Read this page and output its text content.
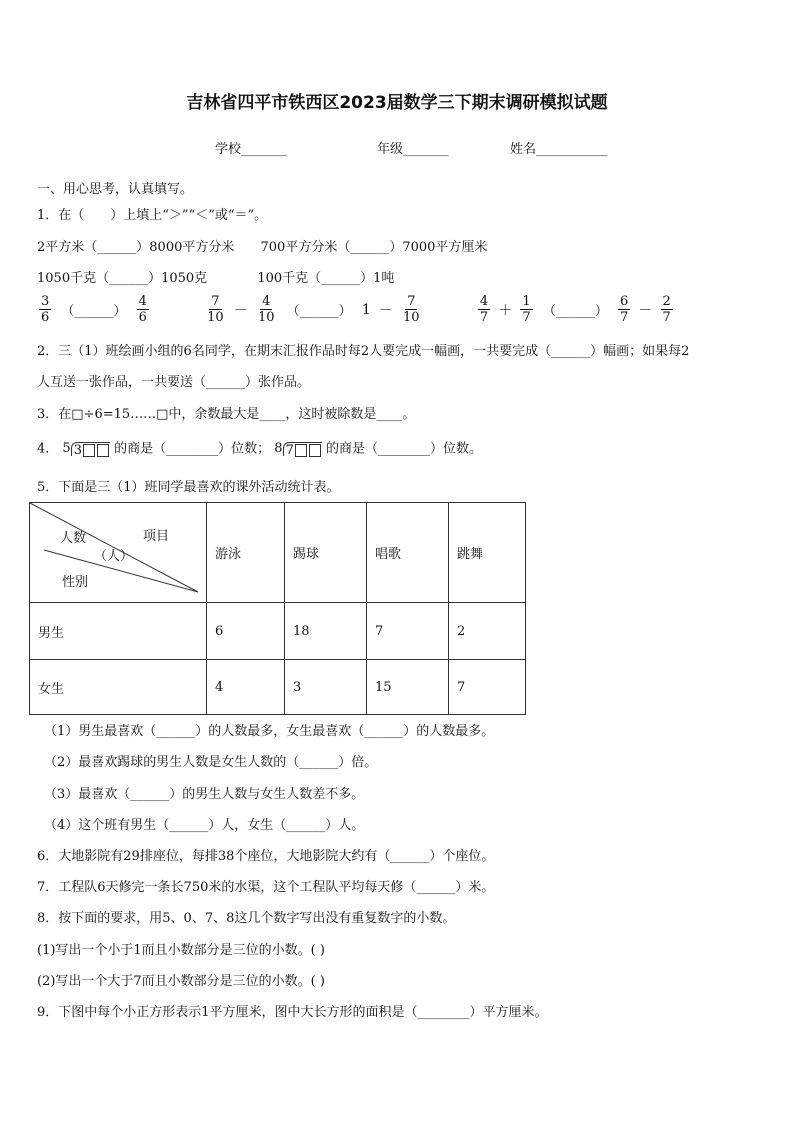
吉林省四平市铁西区2023届数学三下期末调研模拟试题
学校_______	年级_______	姓名___________
一、用心思考，认真填写。
1．在（　　）上填上“＞”“＜”或“＝”。
2平方米（______）8000平方分米 700平方分米（______）7000平方厘米
1050千克（______）1050克	100千克（______）1吨
$\frac{3}{6}$ （______） $\frac{4}{6}$
	$\frac{7}{10} - \frac{4}{10}$ （______） $1 - \frac{7}{10}$
	$\frac{4}{7} + \frac{1}{7}$ （______） $\frac{6}{7} - \frac{2}{7}$
2．三（1）班绘画小组的6名同学，在期末汇报作品时每2人要完成一幅画，一共要完成（______）幅画；如果每2
人互送一张作品，一共要送（______）张作品。
3．在□÷6=15……□中，余数最大是____，这时被除数是____。
4． 5 3	的商是（________）位数； 8 7	的商是（________）位数。
5．下面是三（1）班同学最喜欢的课外活动统计表。
人数 项目
（人）
性别	游泳	踢球	唱歌	跳舞
男生	6	18	7	2
女生	4	3	15	7
（1）男生最喜欢（______）的人数最多，女生最喜欢（______）的人数最多。
（2）最喜欢踢球的男生人数是女生人数的（______）倍。
（3）最喜欢（______）的男生人数与女生人数差不多。
（4）这个班有男生（______）人，女生（______）人。
6．大地影院有29排座位，每排38个座位，大地影院大约有（______）个座位。
7．工程队6天修完一条长750米的水渠，这个工程队平均每天修（______）米。
8．按下面的要求，用5、0、7、8这几个数字写出没有重复数字的小数。
(1)写出一个小于1而且小数部分是三位的小数。( )
(2)写出一个大于7而且小数部分是三位的小数。( )
9．下图中每个小正方形表示1平方厘米，图中大长方形的面积是（________）平方厘米。
